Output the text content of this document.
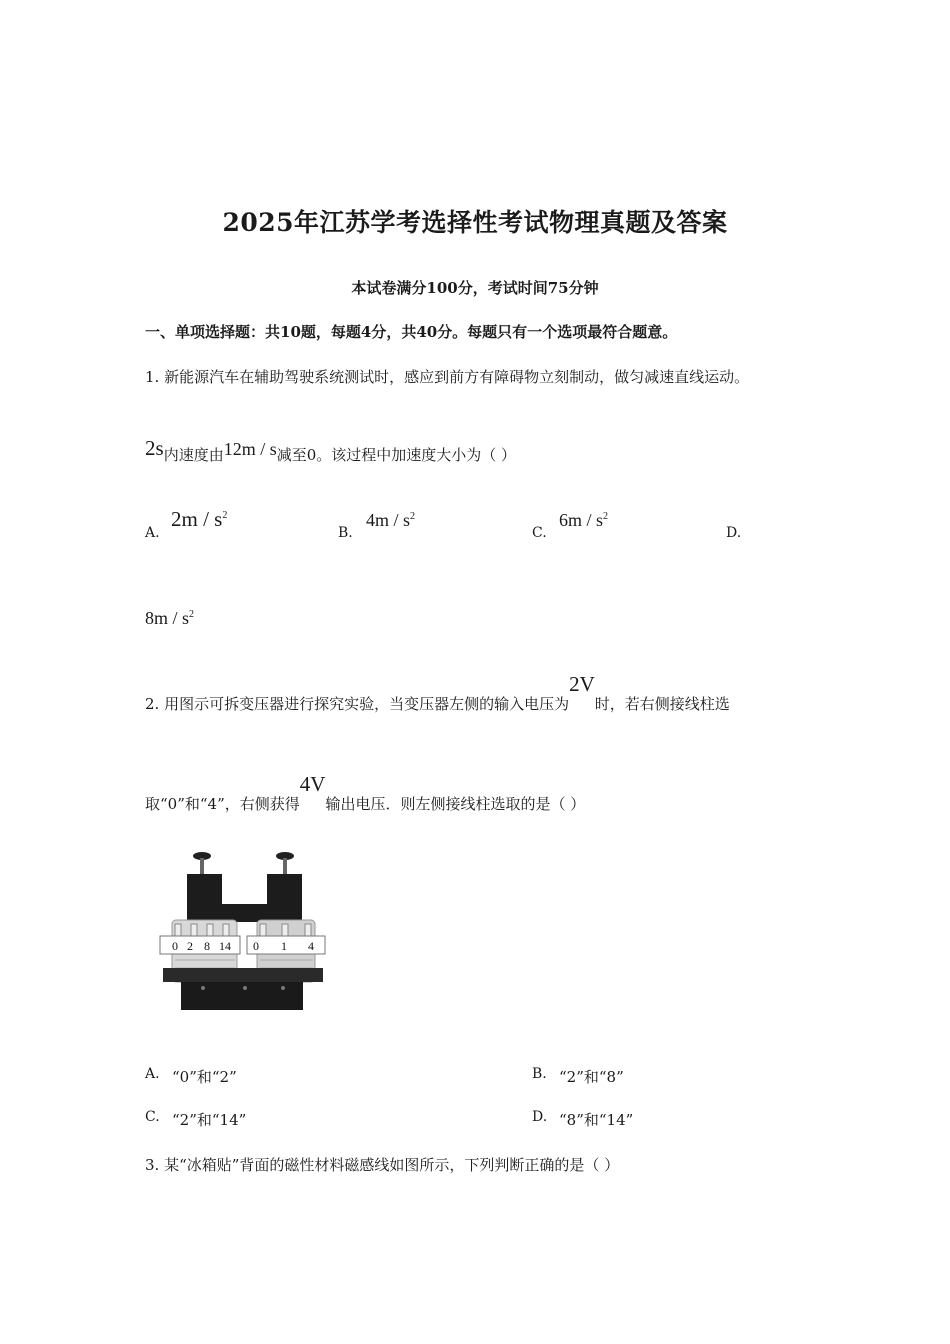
2025年江苏学考选择性考试物理真题及答案
本试卷满分100分，考试时间75分钟
一、单项选择题：共10题，每题4分，共40分。每题只有一个选项最符合题意。
1. 新能源汽车在辅助驾驶系统测试时，感应到前方有障碍物立刻制动，做匀减速直线运动。
2s内速度由12m / s减至0。该过程中加速度大小为（ ）
A.
$2m / s^2$
B.
$4m / s^2$
C.
$6m / s^2$
D.
$8m / s^2$
2. 用图示可拆变压器进行探究实验，当变压器左侧的输入电压为2V时，若右侧接线柱选
取“0”和“4”，右侧获得4V输出电压．则左侧接线柱选取的是（ ）
0 2 8 14 0 1 4
A. “0”和“2”	B. “2”和“8”
C. “2”和“14”	D. “8”和“14”
3. 某“冰箱贴”背面的磁性材料磁感线如图所示，下列判断正确的是（ ）
